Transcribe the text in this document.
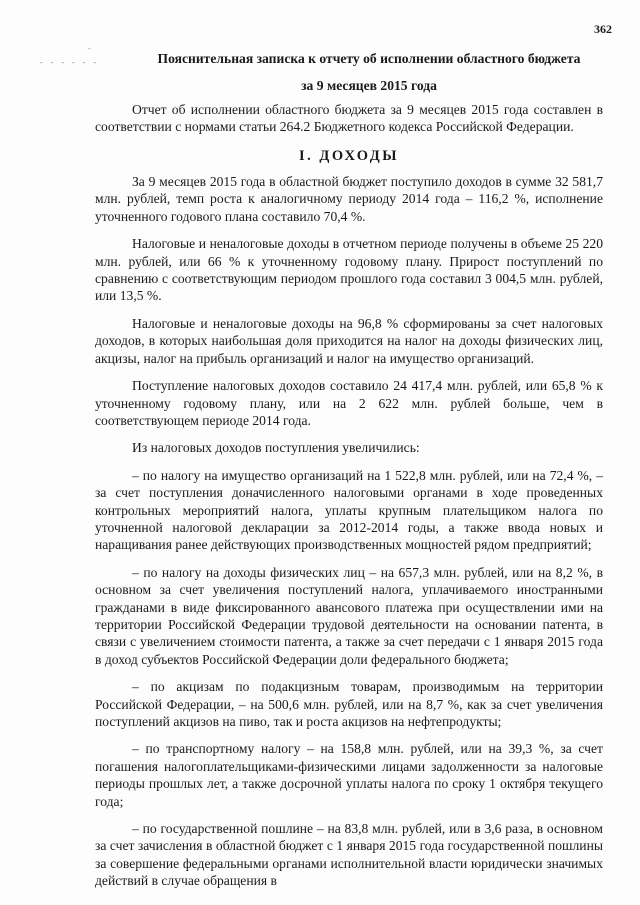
362
- - - - - -
-

Пояснительная записка к отчету об исполнении областного бюджета

за 9 месяцев 2015 года

Отчет об исполнении областного бюджета за 9 месяцев 2015 года составлен в соответствии с нормами статьи 264.2 Бюджетного кодекса Российской Федерации.

I. ДОХОДЫ

За 9 месяцев 2015 года в областной бюджет поступило доходов в сумме 32 581,7 млн. рублей, темп роста к аналогичному периоду 2014 года – 116,2 %, исполнение уточненного годового плана составило 70,4 %.

Налоговые и неналоговые доходы в отчетном периоде получены в объеме 25 220 млн. рублей, или 66 % к уточненному годовому плану. Прирост поступлений по сравнению с соответствующим периодом прошлого года составил 3 004,5 млн. рублей, или 13,5 %.

Налоговые и неналоговые доходы на 96,8 % сформированы за счет налоговых доходов, в которых наибольшая доля приходится на налог на доходы физических лиц, акцизы, налог на прибыль организаций и налог на имущество организаций.

Поступление налоговых доходов составило 24 417,4 млн. рублей, или 65,8 % к уточненному годовому плану, или на 2 622 млн. рублей больше, чем в соответствующем периоде 2014 года.

Из налоговых доходов поступления увеличились:

– по налогу на имущество организаций на 1 522,8 млн. рублей, или на 72,4 %, – за счет поступления доначисленного налоговыми органами в ходе проведенных контрольных мероприятий налога, уплаты крупным плательщиком налога по уточненной налоговой декларации за 2012-2014 годы, а также ввода новых и наращивания ранее действующих производственных мощностей рядом предприятий;

– по налогу на доходы физических лиц – на 657,3 млн. рублей, или на 8,2 %, в основном за счет увеличения поступлений налога, уплачиваемого иностранными гражданами в виде фиксированного авансового платежа при осуществлении ими на территории Российской Федерации трудовой деятельности на основании патента, в связи с увеличением стоимости патента, а также за счет передачи с 1 января 2015 года в доход субъектов Российской Федерации доли федерального бюджета;

– по акцизам по подакцизным товарам, производимым на территории Российской Федерации, – на 500,6 млн. рублей, или на 8,7 %, как за счет увеличения поступлений акцизов на пиво, так и роста акцизов на нефтепродукты;

– по транспортному налогу – на 158,8 млн. рублей, или на 39,3 %, за счет погашения налогоплательщиками-физическими лицами задолженности за налоговые периоды прошлых лет, а также досрочной уплаты налога по сроку 1 октября текущего года;

– по государственной пошлине – на 83,8 млн. рублей, или в 3,6 раза, в основном за счет зачисления в областной бюджет с 1 января 2015 года государственной пошлины за совершение федеральными органами исполнительной власти юридически значимых действий в случае обращения в
